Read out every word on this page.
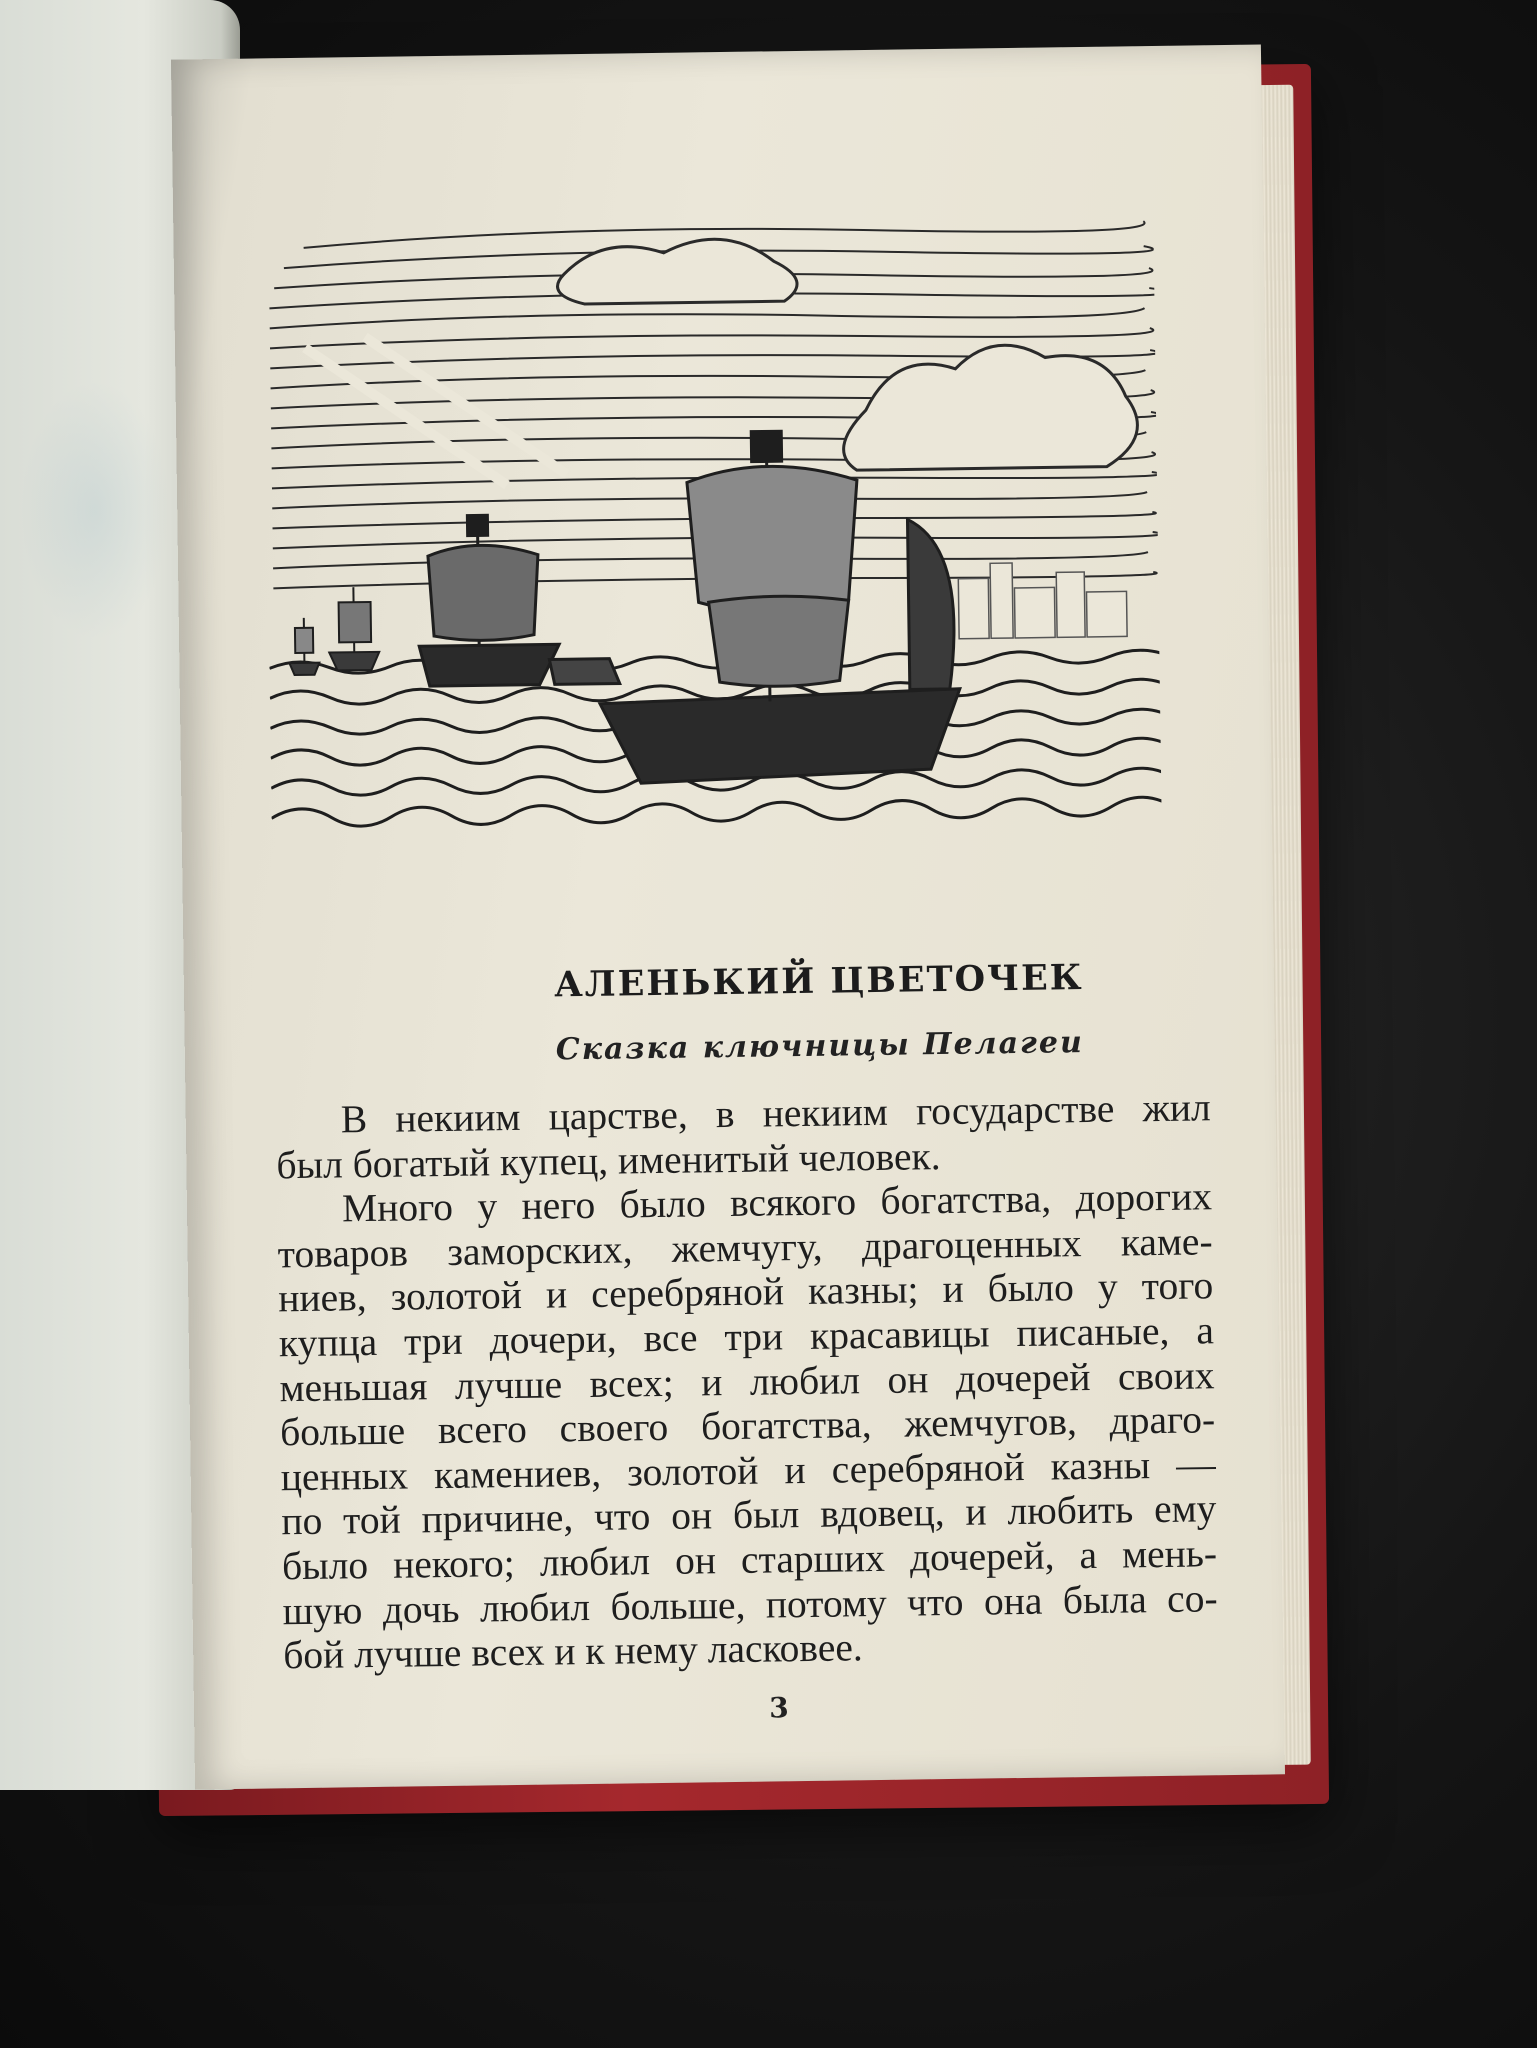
АЛЕНЬКИЙ ЦВЕТОЧЕК
Сказка ключницы Пелагеи
В некиим царстве, в некиим государстве жил
был богатый купец, именитый человек.
Много у него было всякого богатства, дорогих
товаров заморских, жемчугу, драгоценных каме-
ниев, золотой и серебряной казны; и было у того
купца три дочери, все три красавицы писаные, а
меньшая лучше всех; и любил он дочерей своих
больше всего своего богатства, жемчугов, драго-
ценных камениев, золотой и серебряной казны —
по той причине, что он был вдовец, и любить ему
было некого; любил он старших дочерей, а мень-
шую дочь любил больше, потому что она была со-
бой лучше всех и к нему ласковее.
3
